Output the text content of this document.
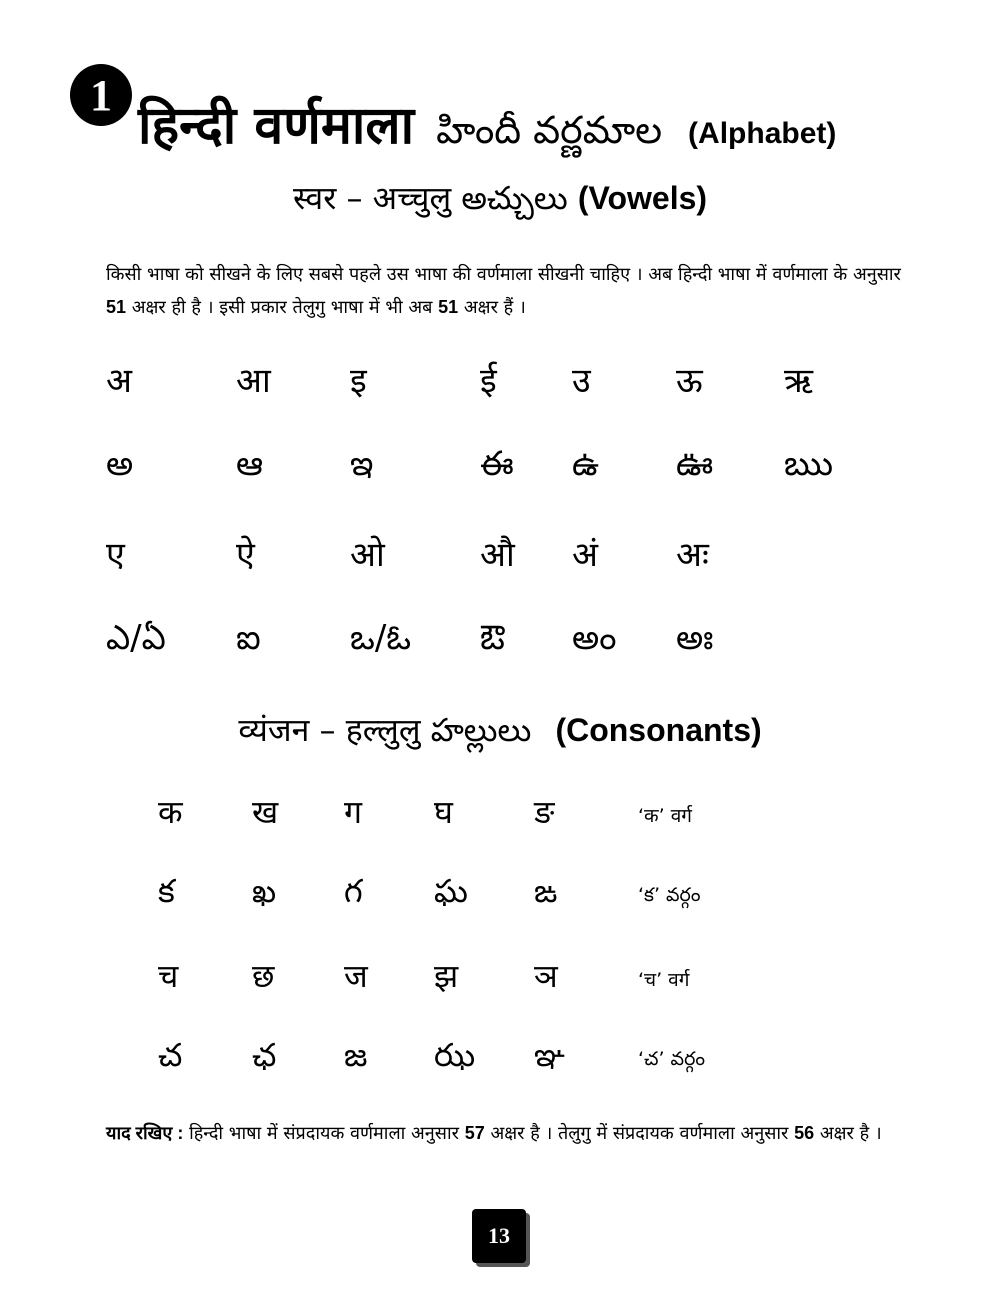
1
हिन्दी वर्णमाला హిందీ వర్ణమాల (Alphabet)
स्वर – अच्चुलु అచ్చులు (Vowels)
किसी भाषा को सीखने के लिए सबसे पहले उस भाषा की वर्णमाला सीखनी चाहिए । अब हिन्दी भाषा में वर्णमाला के अनुसार 51 अक्षर ही है । इसी प्रकार तेलुगु भाषा में भी अब 51 अक्षर हैं ।
अ	आ इ	ई उ	ऊ ऋ
అ	ఆ	ఇ	ఈ ఉ ఊ ఋ
ए	ऐ	ओ	औ अं अः
ఎ/ఏ ఐ	ఒ/ఓ ఔ అం అః
व्यंजन – हल्लुलु హల్లులు (Consonants)
क ख ग घ	ङ	‘क’ वर्ग
క ఖ గ ఘ ఙ	‘క’ వర్గం
च छ ज झ ञ	‘च’ वर्ग
చ ఛ జ ఝ ఞ	‘చ’ వర్గం
याद रखिए : हिन्दी भाषा में संप्रदायक वर्णमाला अनुसार 57 अक्षर है । तेलुगु में संप्रदायक वर्णमाला अनुसार 56 अक्षर है ।
13
